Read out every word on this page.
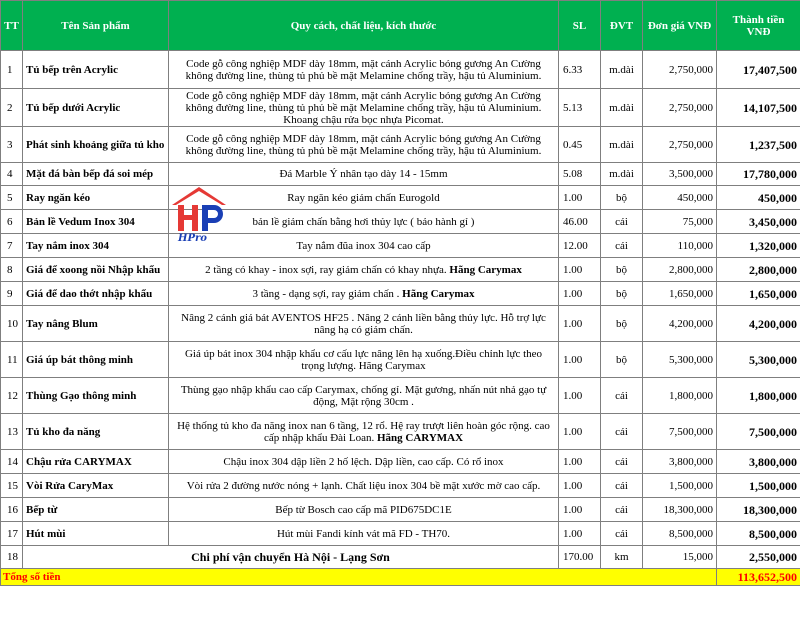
TT	Tên Sản phẩm	Quy cách, chất liệu, kích thước	SL	ĐVT	Đơn giá VNĐ	Thành tiền VNĐ
1	Tủ bếp trên Acrylic	Code gỗ công nghiệp MDF dày 18mm, mặt cánh Acrylic bóng gương An Cường không đường line, thùng tủ phủ bề mặt Melamine chống trầy, hậu tủ Aluminium.	6.33	m.dài	2,750,000	17,407,500
2	Tủ bếp dưới Acrylic	Code gỗ công nghiệp MDF dày 18mm, mặt cánh Acrylic bóng gương An Cường không đường line, thùng tủ phủ bề mặt Melamine chống trầy, hậu tủ Aluminium. Khoang chậu rửa bọc nhựa Picomat.	5.13	m.dài	2,750,000	14,107,500
3	Phát sinh khoảng giữa tủ kho	Code gỗ công nghiệp MDF dày 18mm, mặt cánh Acrylic bóng gương An Cường không đường line, thùng tủ phủ bề mặt Melamine chống trầy, hậu tủ Aluminium.	0.45	m.dài	2,750,000	1,237,500
4	Mặt đá bàn bếp đá soi mép	Đá Marble Ý nhân tạo dày 14 - 15mm	5.08	m.dài	3,500,000	17,780,000
5	Ray ngăn kéo	Ray ngăn kéo giảm chấn Eurogold	1.00	bộ	450,000	450,000
6	Bản lề Vedum Inox 304	bản lề giảm chấn bằng hơi thủy lực ( bảo hành gỉ )	46.00	cái	75,000	3,450,000
7	Tay nắm inox 304	Tay nắm đũa inox 304 cao cấp	12.00	cái	110,000	1,320,000
8	Giá để xoong nồi Nhập khẩu	2 tầng có khay - inox sợi, ray giảm chấn có khay nhựa. Hãng Carymax	1.00	bộ	2,800,000	2,800,000
9	Giá để dao thớt nhập khẩu	3 tầng - dạng sợi, ray giảm chấn . Hãng Carymax	1.00	bộ	1,650,000	1,650,000
10	Tay nâng Blum	Nâng 2 cánh giá bát AVENTOS HF25 . Nâng 2 cánh liền bằng thủy lực. Hỗ trợ lực nâng hạ có giảm chấn.	1.00	bộ	4,200,000	4,200,000
11	Giá úp bát thông minh	Giá úp bát inox 304 nhập khẩu cơ cấu lực nâng lên hạ xuống.Điều chỉnh lực theo trọng lượng. Hãng Carymax	1.00	bộ	5,300,000	5,300,000
12	Thùng Gạo thông minh	Thùng gạo nhập khẩu cao cấp Carymax, chống gỉ. Mặt gương, nhấn nút nhả gạo tự động, Mặt rộng 30cm .	1.00	cái	1,800,000	1,800,000
13	Tủ kho đa năng	Hệ thống tủ kho đa năng inox nan 6 tầng, 12 rổ. Hệ ray trượt liên hoàn góc rộng. cao cấp nhập khẩu Đài Loan. Hãng CARYMAX	1.00	cái	7,500,000	7,500,000
14	Chậu rửa CARYMAX	Chậu inox 304 dập liền 2 hố lệch. Dập liền, cao cấp. Có rổ inox	1.00	cái	3,800,000	3,800,000
15	Vòi Rửa CaryMax	Vòi rửa 2 đường nước nóng + lạnh. Chất liệu inox 304 bề mặt xước mờ cao cấp.	1.00	cái	1,500,000	1,500,000
16	Bếp từ	Bếp từ Bosch cao cấp mã PID675DC1E	1.00	cái	18,300,000	18,300,000
17	Hút mùi	Hút mùi Fandi kính vát mã FD - TH70.	1.00	cái	8,500,000	8,500,000
18	Chi phí vận chuyển Hà Nội - Lạng Sơn		170.00	km	15,000	2,550,000
Tổng số tiền						113,652,500
HPro
